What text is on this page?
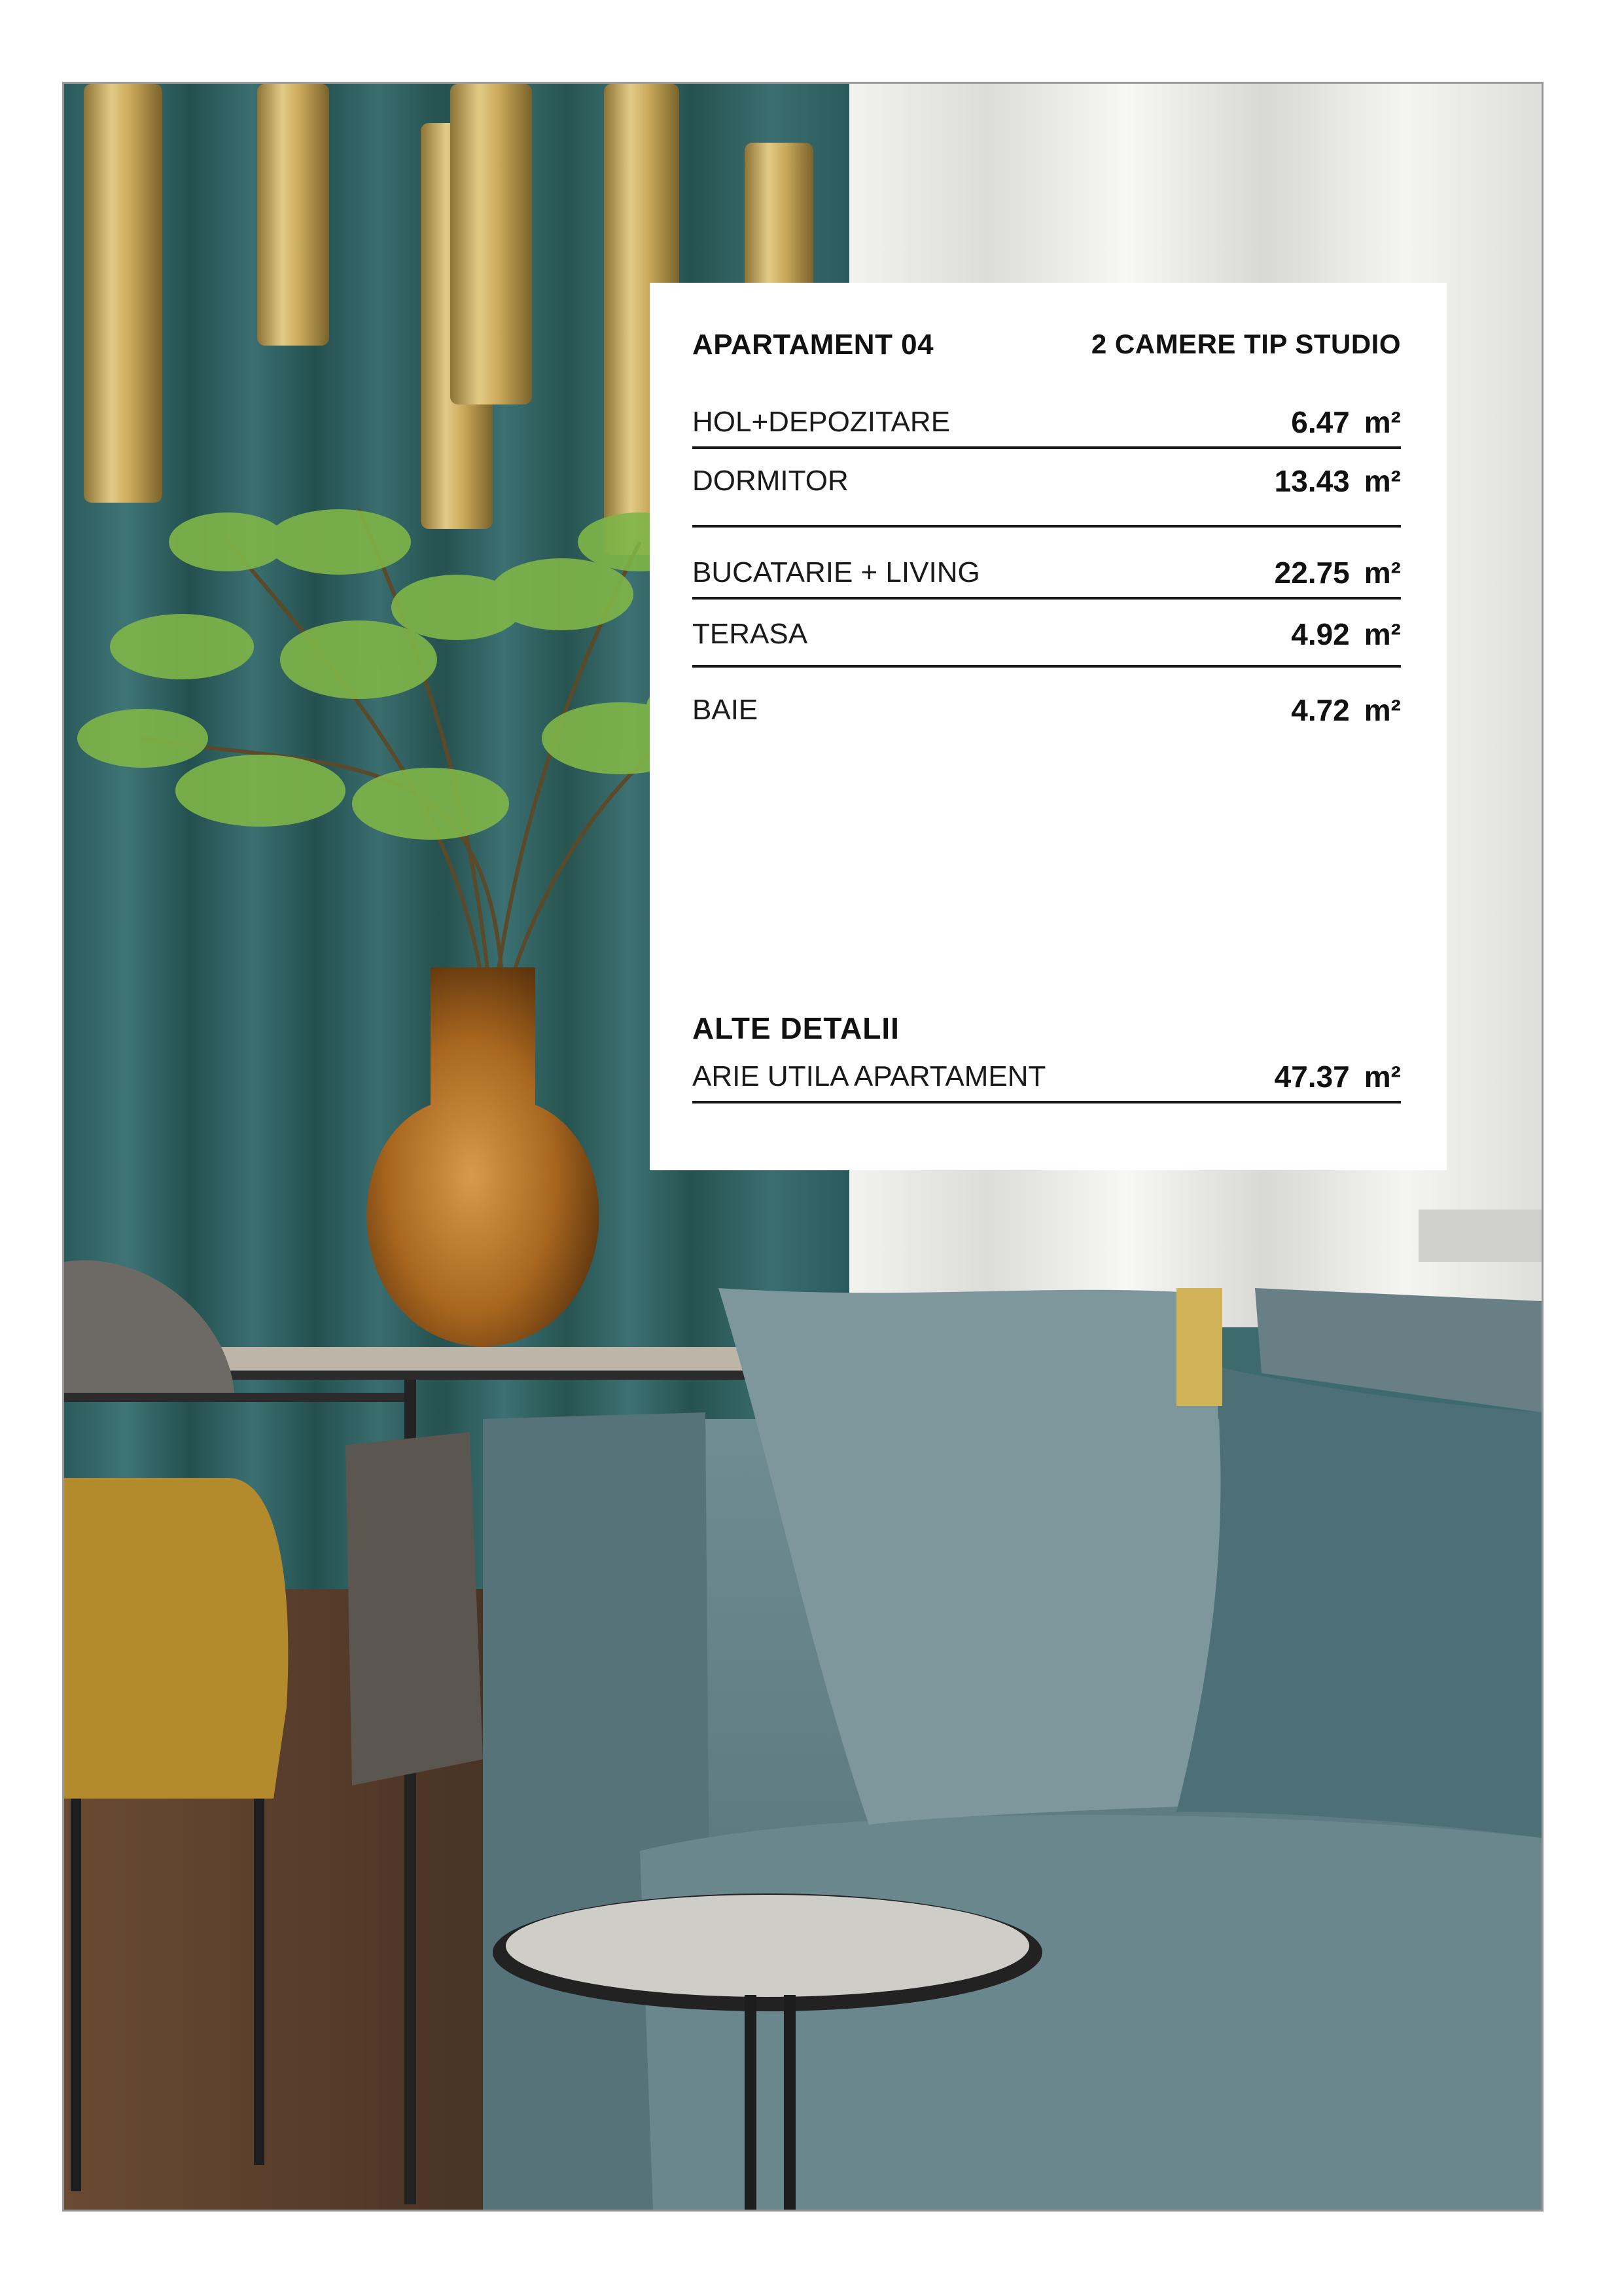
APARTAMENT 04	2 CAMERE TIP STUDIO
HOL+DEPOZITARE	6.47 m²
DORMITOR	13.43 m²
BUCATARIE + LIVING	22.75 m²
TERASA	4.92 m²
BAIE	4.72 m²
ALTE DETALII
ARIE UTILA APARTAMENT	47.37 m²
